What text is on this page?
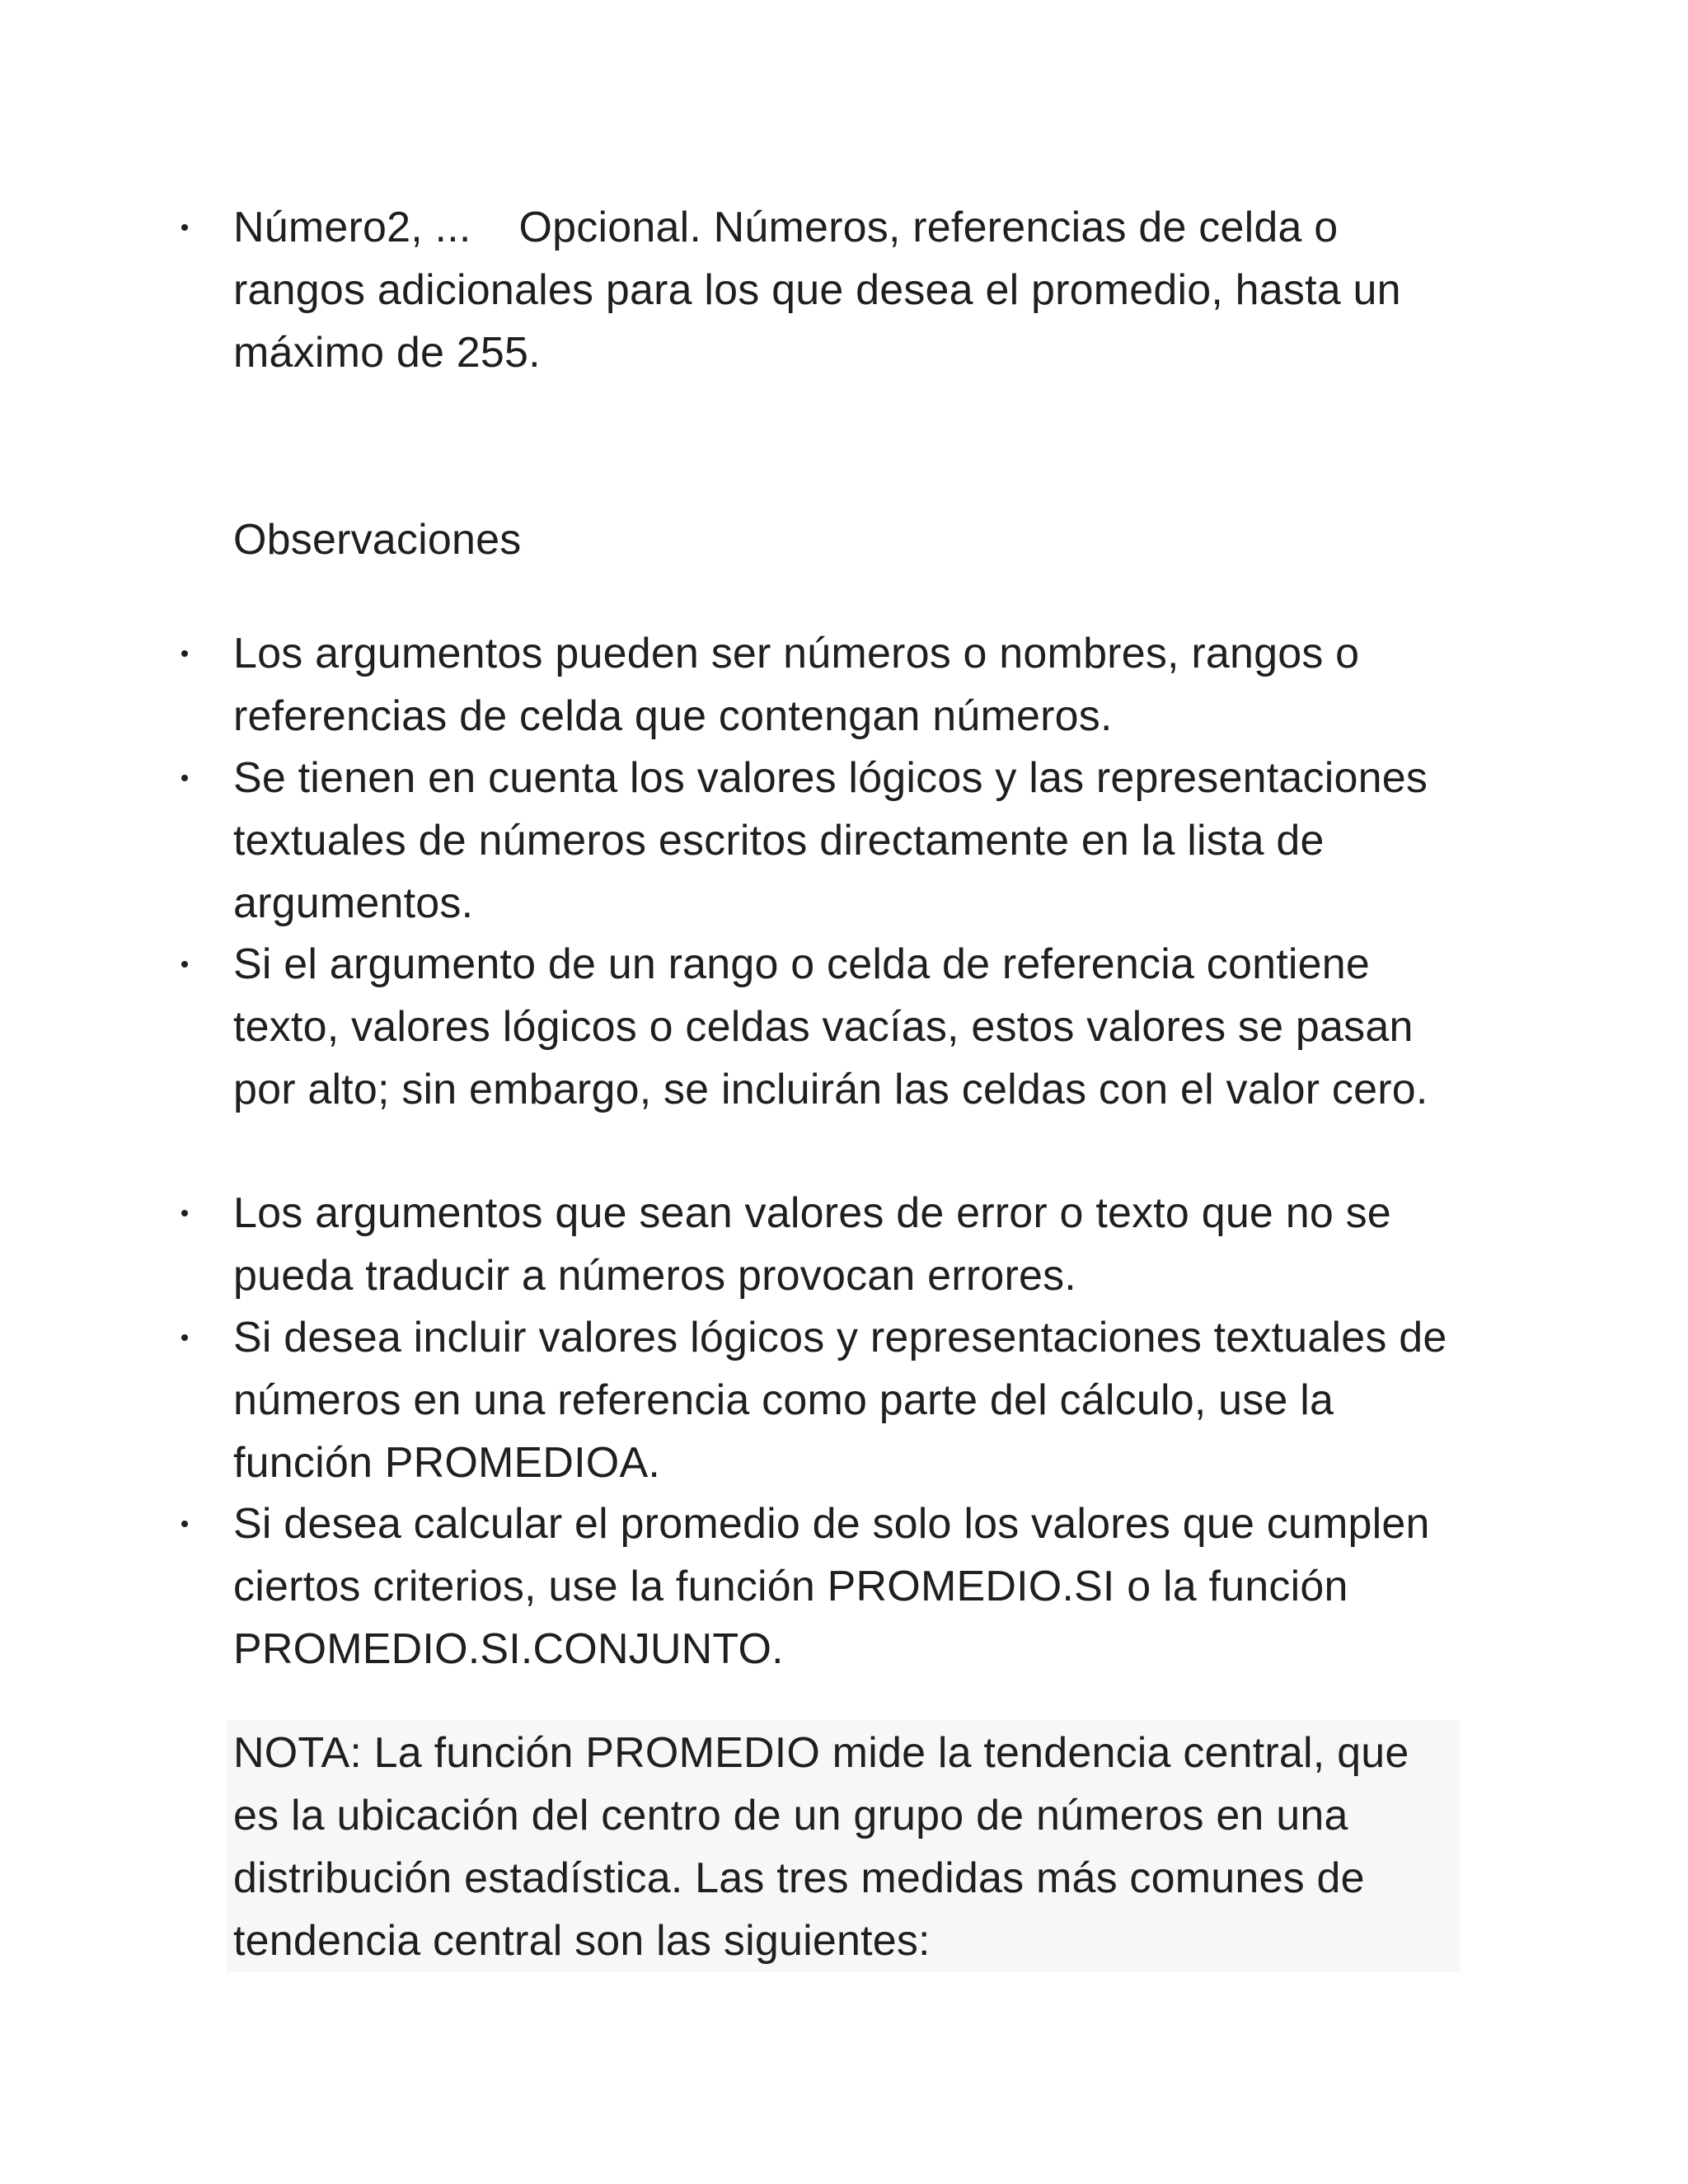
Número2, ... Opcional. Números, referencias de celda o rangos adicionales para los que desea el promedio, hasta un máximo de 255.
Observaciones
Los argumentos pueden ser números o nombres, rangos o referencias de celda que contengan números.
Se tienen en cuenta los valores lógicos y las representaciones textuales de números escritos directamente en la lista de argumentos.
Si el argumento de un rango o celda de referencia contiene texto, valores lógicos o celdas vacías, estos valores se pasan por alto; sin embargo, se incluirán las celdas con el valor cero.
Los argumentos que sean valores de error o texto que no se pueda traducir a números provocan errores.
Si desea incluir valores lógicos y representaciones textuales de números en una referencia como parte del cálculo, use la función PROMEDIOA.
Si desea calcular el promedio de solo los valores que cumplen ciertos criterios, use la función PROMEDIO.SI o la función PROMEDIO.SI.CONJUNTO.
NOTA: La función PROMEDIO mide la tendencia central, que es la ubicación del centro de un grupo de números en una distribución estadística. Las tres medidas más comunes de tendencia central son las siguientes:
